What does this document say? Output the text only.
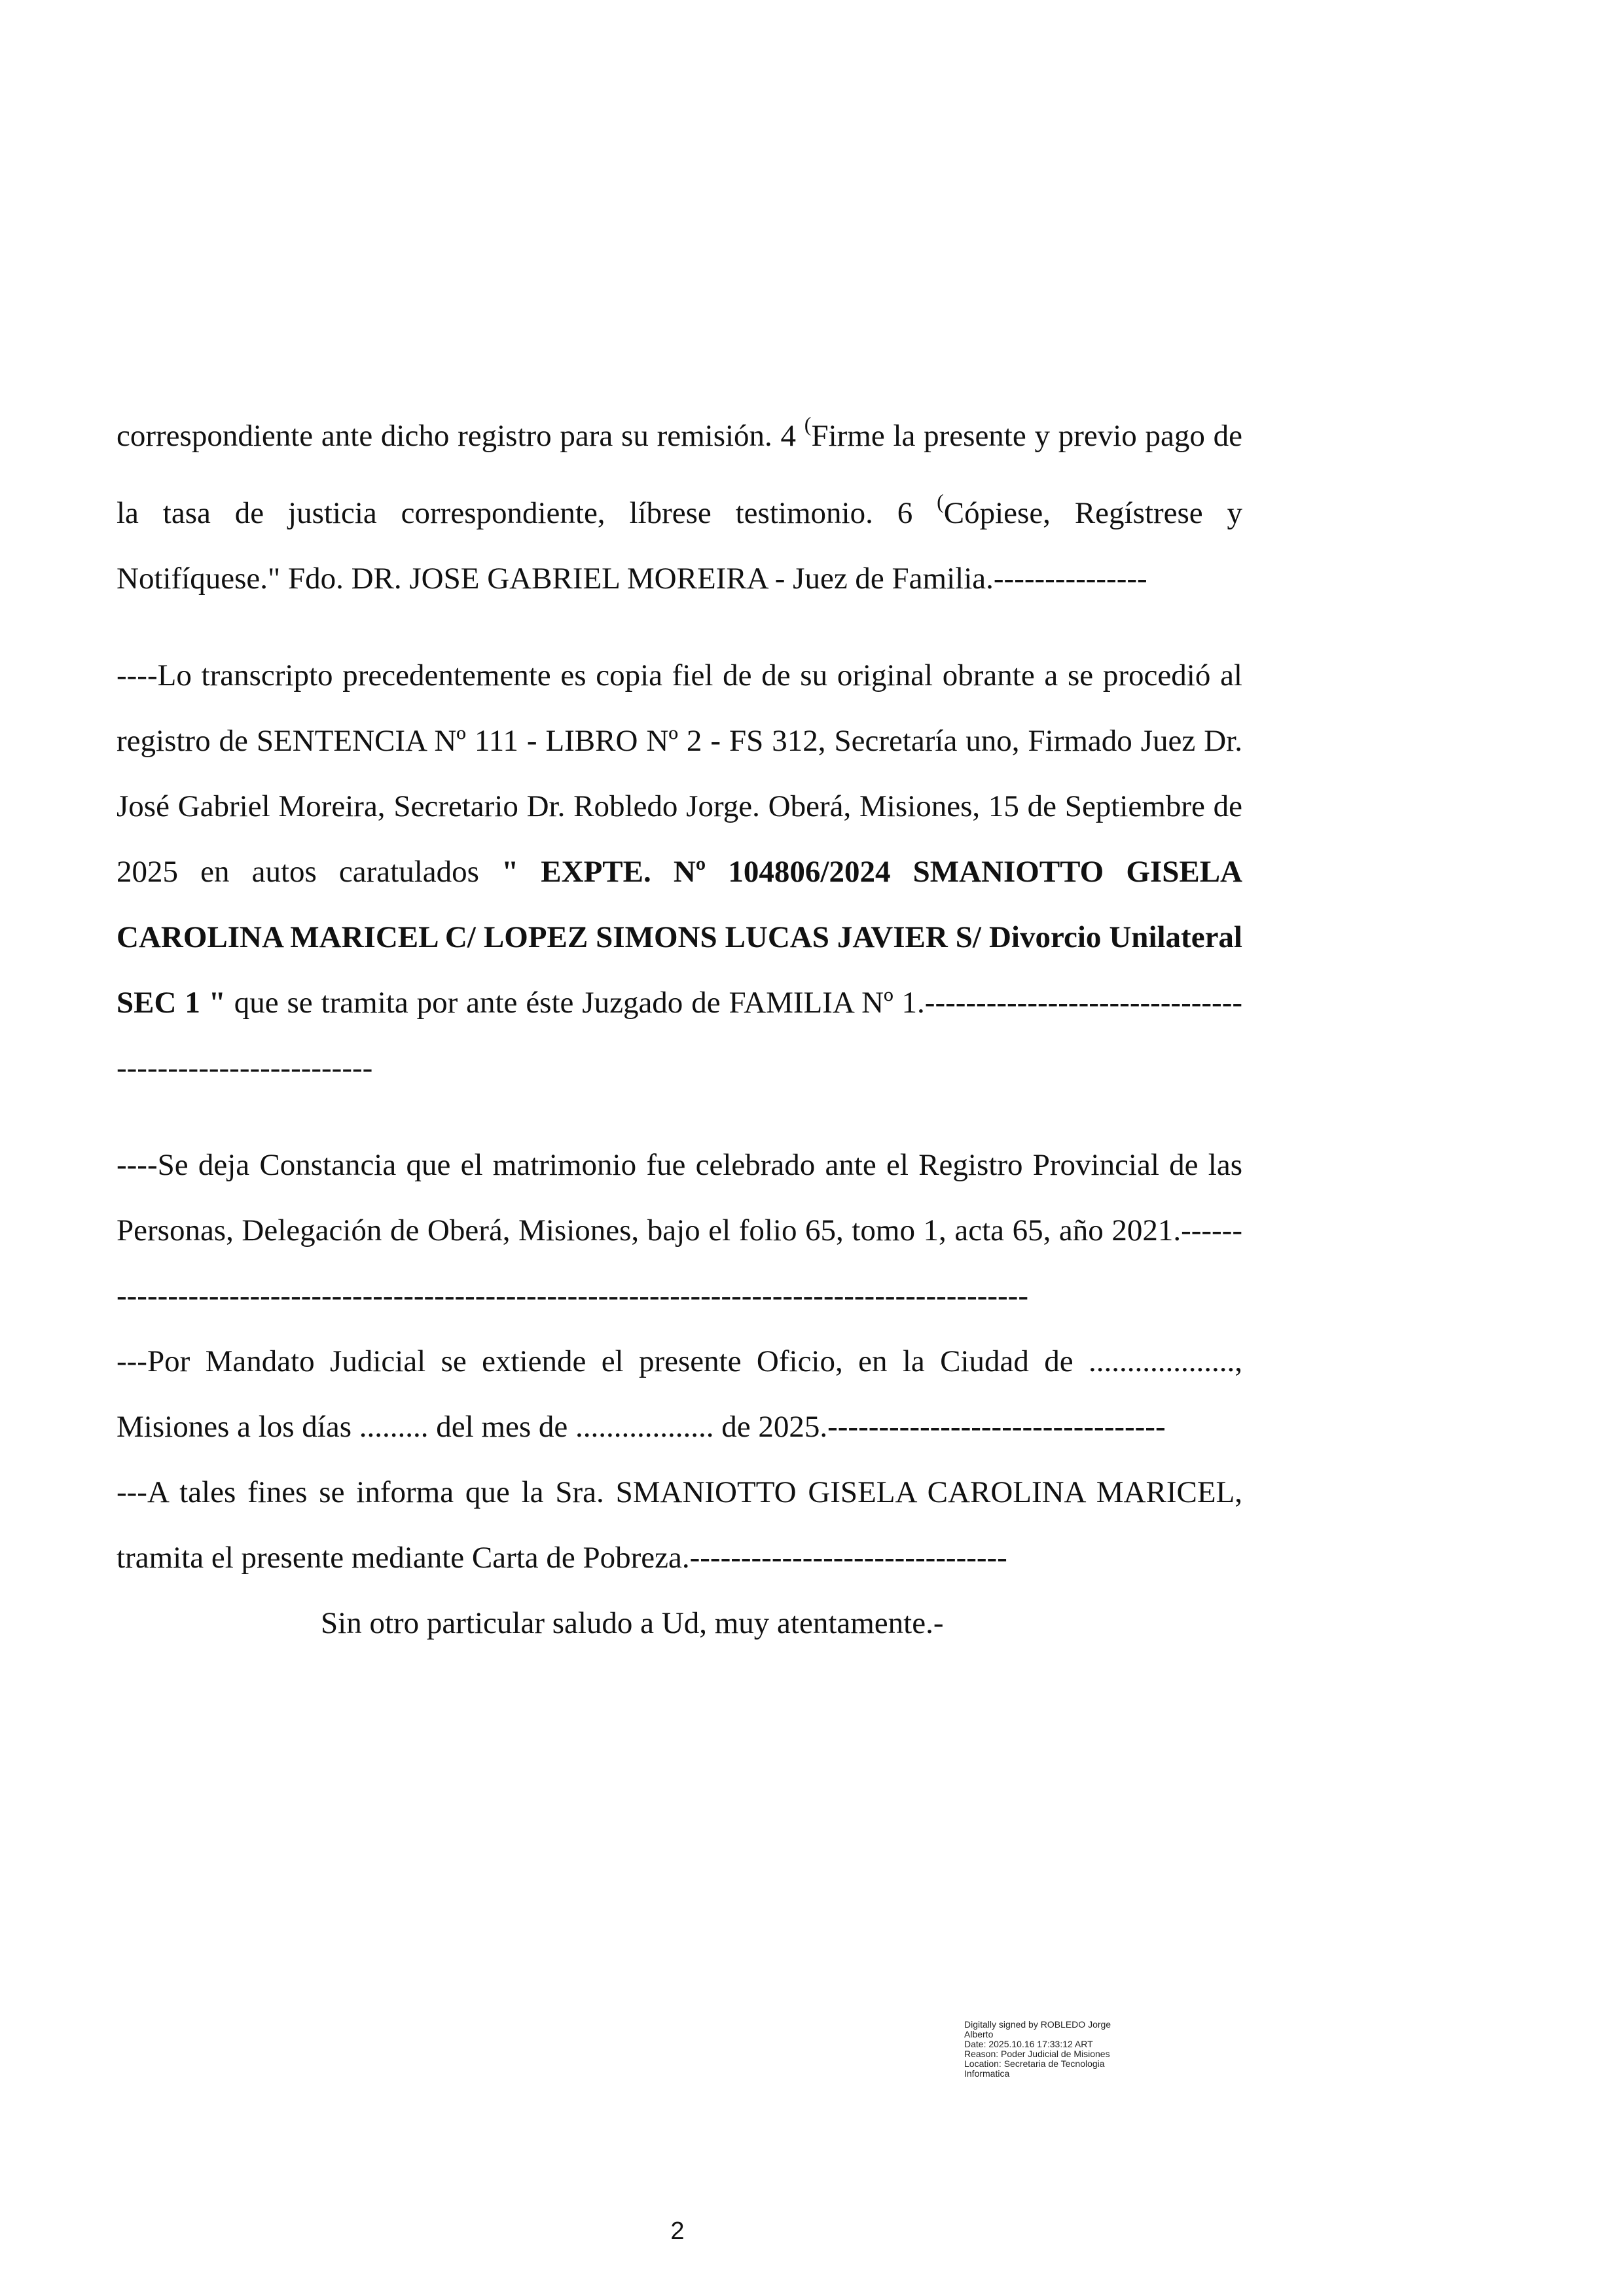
correspondiente ante dicho registro para su remisión. 4 (Firme la presente y previo pago de la tasa de justicia correspondiente, líbrese testimonio. 6 (Cópiese, Regístrese y Notifíquese." Fdo. DR. JOSE GABRIEL MOREIRA - Juez de Familia.---------------

----Lo transcripto precedentemente es copia fiel de de su original obrante a se procedió al registro de SENTENCIA Nº 111 - LIBRO Nº 2 - FS 312, Secretaría uno, Firmado Juez Dr. José Gabriel Moreira, Secretario Dr. Robledo Jorge. Oberá, Misiones, 15 de Septiembre de 2025 en autos caratulados " EXPTE. Nº 104806/2024 SMANIOTTO GISELA CAROLINA MARICEL C/ LOPEZ SIMONS LUCAS JAVIER S/ Divorcio Unilateral SEC 1 " que se tramita por ante éste Juzgado de FAMILIA Nº 1.--------------------------------------------------------

----Se deja Constancia que el matrimonio fue celebrado ante el Registro Provincial de las Personas, Delegación de Oberá, Misiones, bajo el folio 65, tomo 1, acta 65, año 2021.-----------------------------------------------------------------------------------------------

---Por Mandato Judicial se extiende el presente Oficio, en la Ciudad de ..................., Misiones a los días ......... del mes de .................. de 2025.---------------------------------

---A tales fines se informa que la Sra. SMANIOTTO GISELA CAROLINA MARICEL, tramita el presente mediante Carta de Pobreza.-------------------------------

Sin otro particular saludo a Ud, muy atentamente.-

Digitally signed by ROBLEDO Jorge
Alberto
Date: 2025.10.16 17:33:12 ART
Reason: Poder Judicial de Misiones
Location: Secretaria de Tecnologia
Informatica
2
